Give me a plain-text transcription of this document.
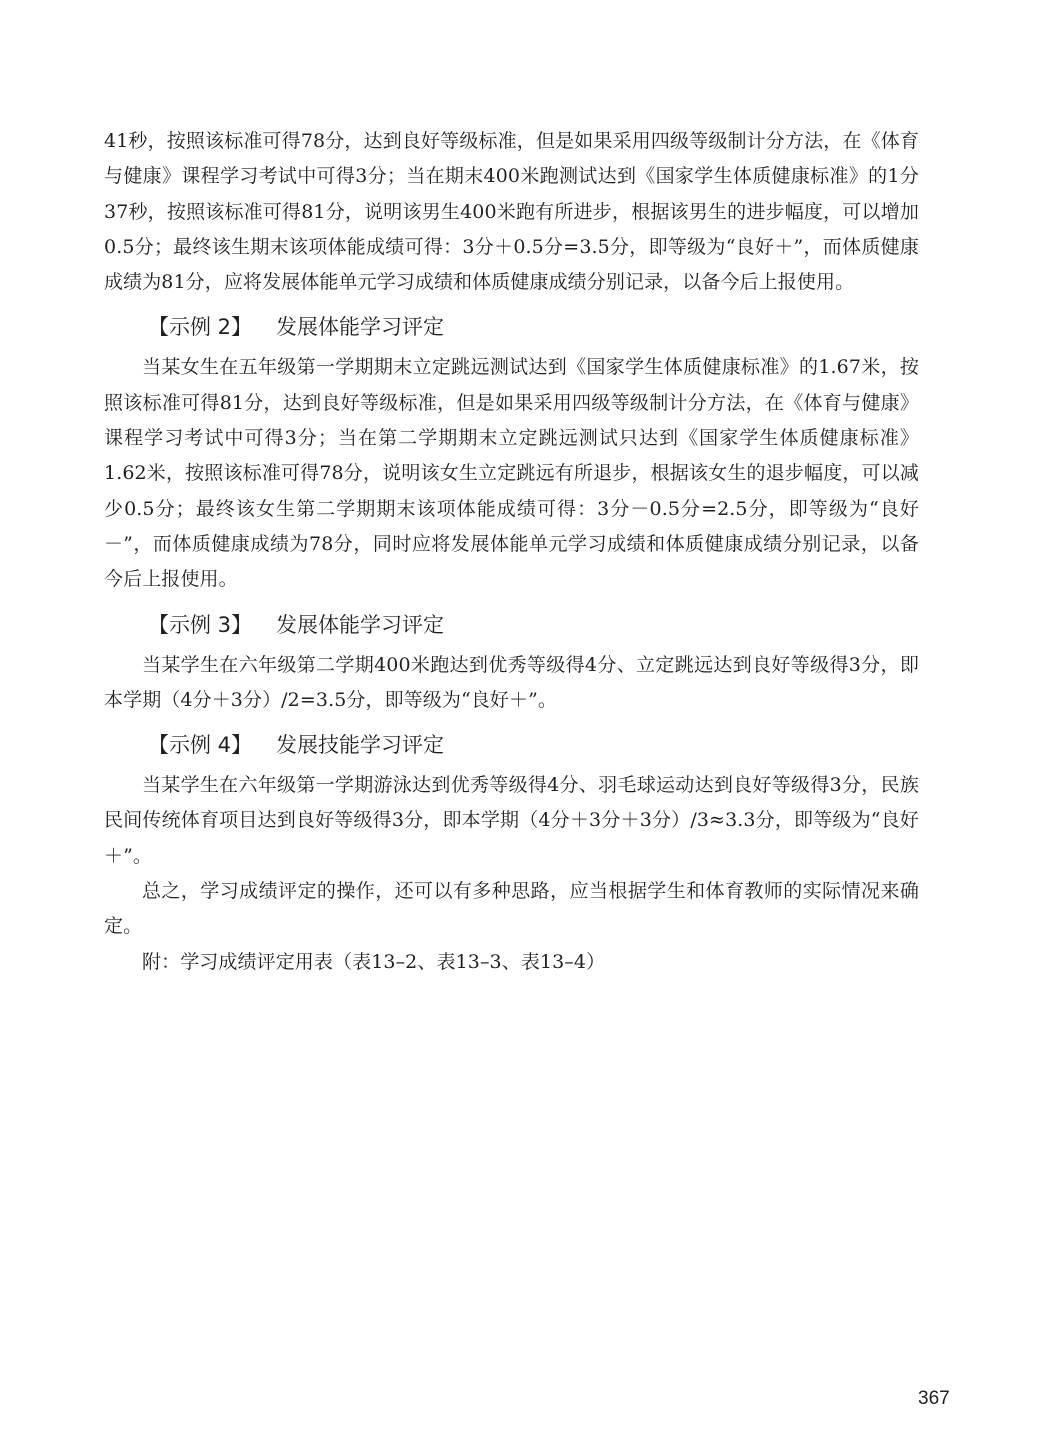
41秒，按照该标准可得78分，达到良好等级标准，但是如果采用四级等级制计分方法，在《体育与健康》课程学习考试中可得3分；当在期末400米跑测试达到《国家学生体质健康标准》的1分37秒，按照该标准可得81分，说明该男生400米跑有所进步，根据该男生的进步幅度，可以增加0.5分；最终该生期末该项体能成绩可得：3分＋0.5分=3.5分，即等级为“良好＋”，而体质健康成绩为81分，应将发展体能单元学习成绩和体质健康成绩分别记录，以备今后上报使用。

【示例 2】 发展体能学习评定

当某女生在五年级第一学期期末立定跳远测试达到《国家学生体质健康标准》的1.67米，按照该标准可得81分，达到良好等级标准，但是如果采用四级等级制计分方法，在《体育与健康》课程学习考试中可得3分；当在第二学期期末立定跳远测试只达到《国家学生体质健康标准》1.62米，按照该标准可得78分，说明该女生立定跳远有所退步，根据该女生的退步幅度，可以减少0.5分；最终该女生第二学期期末该项体能成绩可得：3分－0.5分=2.5分，即等级为“良好－”，而体质健康成绩为78分，同时应将发展体能单元学习成绩和体质健康成绩分别记录，以备今后上报使用。

【示例 3】 发展体能学习评定

当某学生在六年级第二学期400米跑达到优秀等级得4分、立定跳远达到良好等级得3分，即本学期（4分＋3分）/2=3.5分，即等级为“良好＋”。

【示例 4】 发展技能学习评定

当某学生在六年级第一学期游泳达到优秀等级得4分、羽毛球运动达到良好等级得3分，民族民间传统体育项目达到良好等级得3分，即本学期（4分＋3分＋3分）/3≈3.3分，即等级为“良好＋”。

总之，学习成绩评定的操作，还可以有多种思路，应当根据学生和体育教师的实际情况来确定。

附：学习成绩评定用表（表13–2、表13–3、表13–4）

367
